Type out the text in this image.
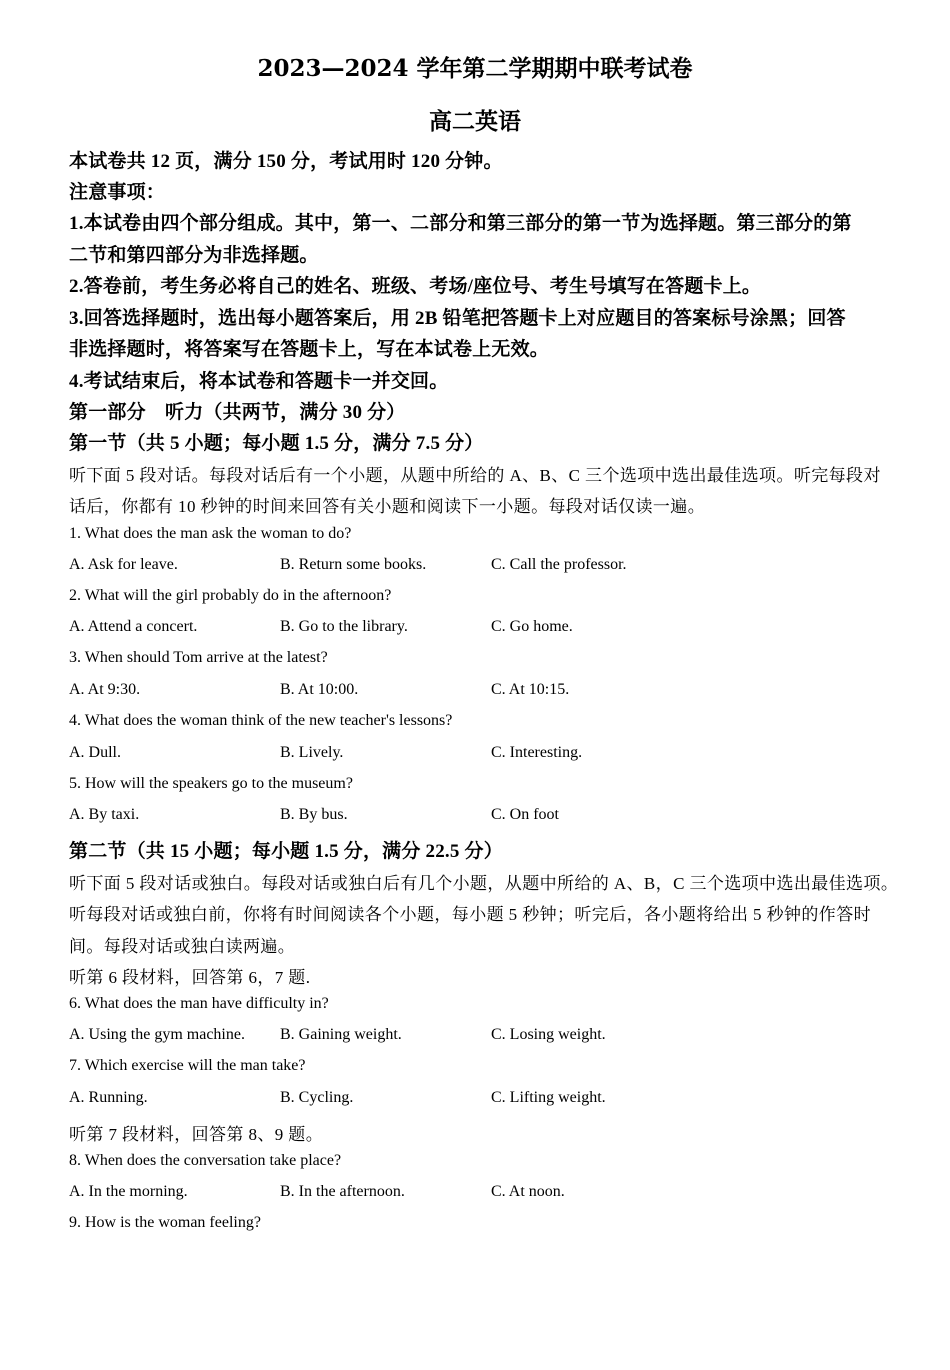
2023—2024 学年第二学期期中联考试卷
高二英语
本试卷共 12 页，满分 150 分，考试用时 120 分钟。
注意事项：
1.本试卷由四个部分组成。其中，第一、二部分和第三部分的第一节为选择题。第三部分的第
二节和第四部分为非选择题。
2.答卷前，考生务必将自己的姓名、班级、考场/座位号、考生号填写在答题卡上。
3.回答选择题时，选出每小题答案后，用 2B 铅笔把答题卡上对应题目的答案标号涂黑；回答
非选择题时，将答案写在答题卡上，写在本试卷上无效。
4.考试结束后，将本试卷和答题卡一并交回。
第一部分　听力（共两节，满分 30 分）
第一节（共 5 小题；每小题 1.5 分，满分 7.5 分）
听下面 5 段对话。每段对话后有一个小题，从题中所给的 A、B、C 三个选项中选出最佳选项。听完每段对
话后，你都有 10 秒钟的时间来回答有关小题和阅读下一小题。每段对话仅读一遍。
1. What does the man ask the woman to do?
A. Ask for leave.	B. Return some books.	C. Call the professor.
2. What will the girl probably do in the afternoon?
A. Attend a concert.	B. Go to the library.	C. Go home.
3. When should Tom arrive at the latest?
A. At 9:30.	B. At 10:00.	C. At 10:15.
4. What does the woman think of the new teacher's lessons?
A. Dull.	B. Lively.	C. Interesting.
5. How will the speakers go to the museum?
A. By taxi.	B. By bus.	C. On foot
第二节（共 15 小题；每小题 1.5 分，满分 22.5 分）
听下面 5 段对话或独白。每段对话或独白后有几个小题，从题中所给的 A、B，C 三个选项中选出最佳选项。
听每段对话或独白前，你将有时间阅读各个小题，每小题 5 秒钟；听完后，各小题将给出 5 秒钟的作答时
间。每段对话或独白读两遍。
听第 6 段材料，回答第 6，7 题.
6. What does the man have difficulty in?
A. Using the gym machine. B. Gaining weight.	C. Losing weight.
7. Which exercise will the man take?
A. Running.	B. Cycling.	C. Lifting weight.
听第 7 段材料，回答第 8、9 题。
8. When does the conversation take place?
A. In the morning.	B. In the afternoon.	C. At noon.
9. How is the woman feeling?
